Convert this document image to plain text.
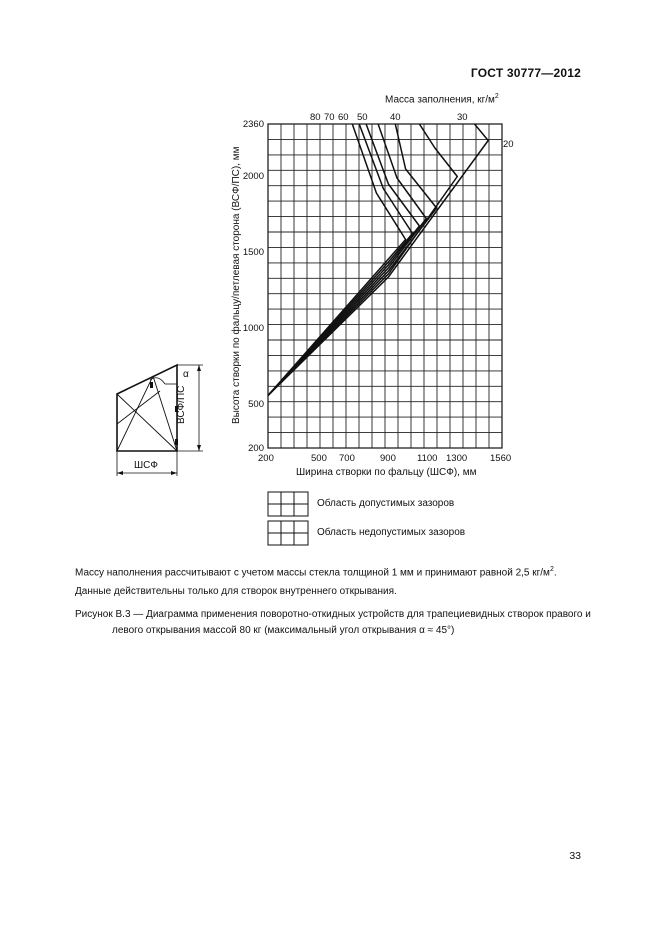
ГОСТ 30777—2012
Масса заполнения, $кг/м^2$
80 70 60 50 40	30
20
2360
2000
1500
1000
500
200
200	500 700	900 1100 1300 1560
Высота створки по фальцу/петлевая сторона (ВСФ/ПС), мм
Ширина створки по фальцу (ШСФ), мм
ШСФ
ВСФ/ПС
α
Область допустимых зазоров
Область недопустимых зазоров
Массу наполнения рассчитывают с учетом массы стекла толщиной 1 мм и принимают равной 2,5 $кг/м^2$.
Данные действительны только для створок внутреннего открывания.
Рисунок В.3 — Диаграмма применения поворотно-откидных устройств для трапециевидных створок правого и
левого открывания массой 80 кг (максимальный угол открывания α ≈ 45°)
33
